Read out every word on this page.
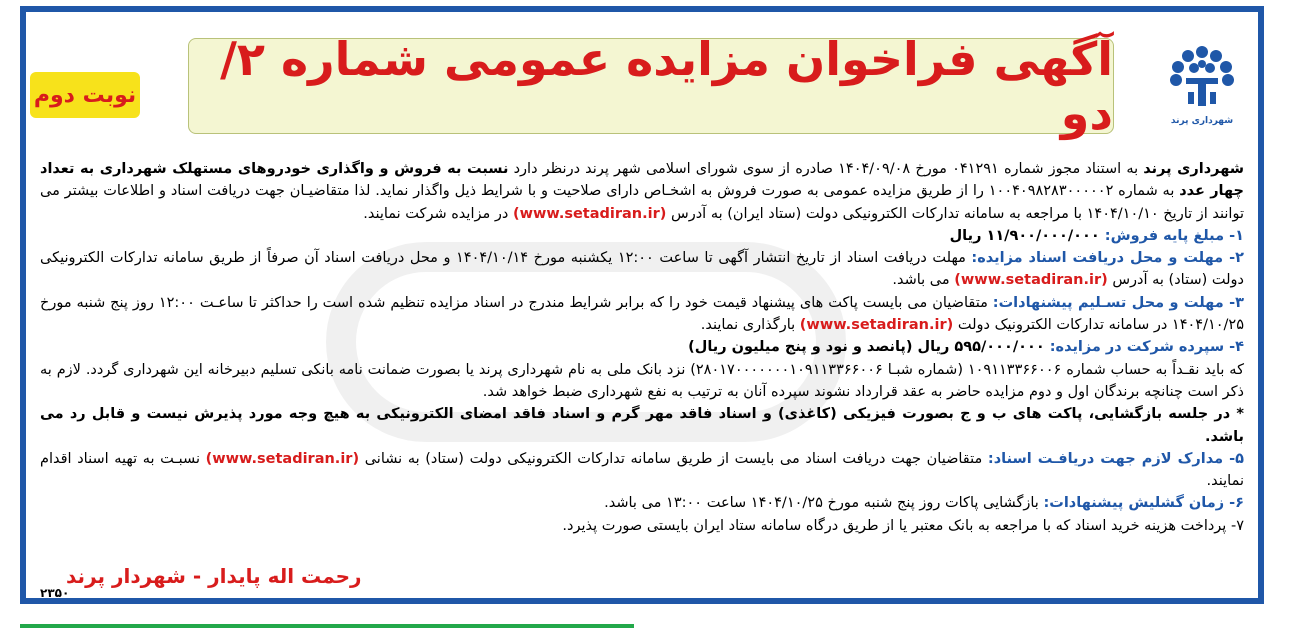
شهرداری پرند
آگهی فراخوان مزایده عمومی شماره ۲/ دو
نوبت دوم

شهرداری پرند به استناد مجوز شماره ۰۴۱۲۹۱ مورخ ۱۴۰۴/۰۹/۰۸ صادره از سوی شورای اسلامی شهر پرند درنظر دارد نسبت به فروش و واگذاری خودروهای مستهلک شهرداری به تعداد چهار عدد به شماره ۱۰۰۴۰۹۸۲۸۳۰۰۰۰۰۲ را از طریق مزایده عمومی به صورت فروش به اشخـاص دارای صلاحیت و با شرایط ذیل واگذار نماید. لذا متقاضیـان جهت دریافت اسناد و اطلاعات بیشتر می توانند از تاریخ ۱۴۰۴/۱۰/۱۰ با مراجعه به سامانه تدارکات الکترونیکی دولت (ستاد ایران) به آدرس (www.setadiran.ir) در مزایده شرکت نمایند.

۱- مبلغ پایه فروش: ۱۱/۹۰۰/۰۰۰/۰۰۰ ریال

۲- مهلت و محل دریافت اسناد مزایده: مهلت دریافت اسناد از تاریخ انتشار آگهی تا ساعت ۱۲:۰۰ یکشنبه مورخ ۱۴۰۴/۱۰/۱۴ و محل دریافت اسناد آن صرفاً از طریق سامانه تدارکات الکترونیکی دولت (ستاد) به آدرس (www.setadiran.ir) می باشد.

۳- مهلت و محل تسـلیم پیشنهادات: متقاضیان می بایست پاکت های پیشنهاد قیمت خود را که برابر شرایط مندرج در اسناد مزایده تنظیم شده است را حداکثر تا ساعـت ۱۲:۰۰ روز پنج شنبه مورخ ۱۴۰۴/۱۰/۲۵ در سامانه تدارکات الکترونیک دولت (www.setadiran.ir) بارگذاری نمایند.

۴- سپرده شرکت در مزایده: ۵۹۵/۰۰۰/۰۰۰ ریال (پانصد و نود و پنج میلیون ریال)

که باید نقـداً به حساب شماره ۱۰۹۱۱۳۳۶۶۰۰۶ (شماره شبـا ۲۸۰۱۷۰۰۰۰۰۰۰۱۰۹۱۱۳۳۶۶۰۰۶) نزد بانک ملی به نام شهرداری پرند یا بصورت ضمانت نامه بانکی تسلیم دبیرخانه این شهرداری گردد. لازم به ذکر است چنانچه برندگان اول و دوم مزایده حاضر به عقد قرارداد نشوند سپرده آنان به ترتیب به نفع شهرداری ضبط خواهد شد.

* در جلسه بازگشایی، پاکت های ب و ج بصورت فیزیکی (کاغذی) و اسناد فاقد مهر گرم و اسناد فاقد امضای الکترونیکی به هیچ وجه مورد پذیرش نیست و قابل رد می باشد.

۵- مدارک لازم جهت دریافـت اسناد: متقاضیان جهت دریافت اسناد می بایست از طریق سامانه تدارکات الکترونیکی دولت (ستاد) به نشانی (www.setadiran.ir) نسبـت به تهیه اسناد اقدام نمایند.

۶- زمان گشلیش پیشنهادات: بازگشایی پاکات روز پنج شنبه مورخ ۱۴۰۴/۱۰/۲۵ ساعت ۱۳:۰۰ می باشد.

۷- پرداخت هزینه خرید اسناد که با مراجعه به بانک معتبر یا از طریق درگاه سامانه ستاد ایران بایستی صورت پذیرد.

رحمت اله پایدار - شهردار پرند
۲۳۵۰
